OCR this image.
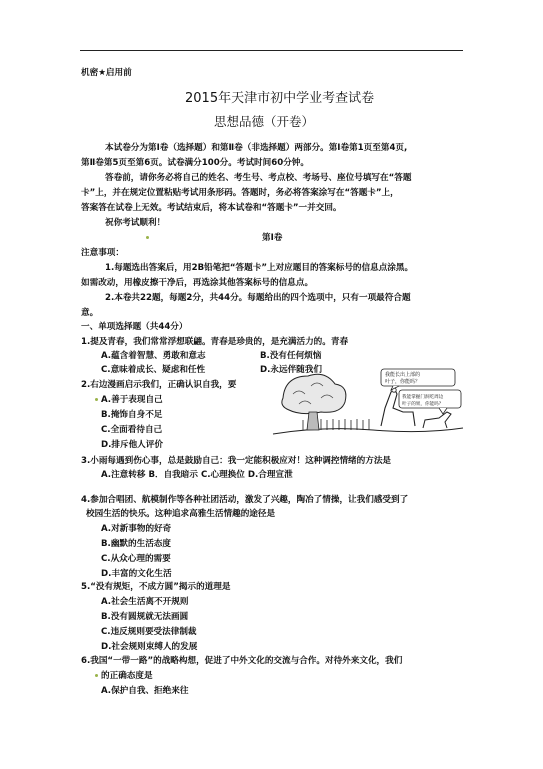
机密★启用前
2015年天津市初中学业考查试卷
思想品德（开卷）
本试卷分为第Ⅰ卷（选择题）和第Ⅱ卷（非选择题）两部分。第Ⅰ卷第1页至第4页,
第Ⅱ卷第5页至第6页。试卷满分100分。考试时间60分钟。
答卷前，请你务必将自己的姓名、考生号、考点校、考场号、座位号填写在“答题
卡”上，并在规定位置粘贴考试用条形码。答题时，务必将答案涂写在“答题卡”上，
答案答在试卷上无效。考试结束后，将本试卷和“答题卡”一并交回。
祝你考试顺利！
第Ⅰ卷
注意事项：
1.每题选出答案后，用2B铅笔把“答题卡”上对应题目的答案标号的信息点涂黑。
如需改动，用橡皮擦干净后，再选涂其他答案标号的信息点。
2.本卷共22题，每题2分，共44分。每题给出的四个选项中，只有一项最符合题
意。
一、单项选择题（共44分）
1.提及青春，我们常常浮想联翩。青春是珍贵的，是充满活力的。青春
A.蕴含着智慧、勇敢和意志	B.没有任何烦恼
C.意味着成长、疑虑和任性	D.永远伴随我们
2.右边漫画启示我们，正确认识自我，要
A.善于表现自己
B.掩饰自身不足
C.全面看待自己
D.排斥他人评价
我能长出上部的
叶子，你能吗？
我能掌握门洞吃周边
叶子的果，你能吗？
3.小雨每遇到伤心事，总是鼓励自己：我一定能积极应对！这种调控情绪的方法是
A.注意转移 B．自我暗示 C.心理换位 D.合理宣泄
4.参加合唱团、航模制作等各种社团活动，激发了兴趣，陶冶了情操，让我们感受到了
校园生活的快乐。这种追求高雅生活情趣的途径是
A.对新事物的好奇
B.幽默的生活态度
C.从众心理的需要
D.丰富的文化生活
5.“没有规矩，不成方圆”揭示的道理是
A.社会生活离不开规则
B.没有圆规就无法画圆
C.违反规则要受法律制裁
D.社会规则束缚人的发展
6.我国“一带一路”的战略构想，促进了中外文化的交流与合作。对待外来文化，我们
的正确态度是
A.保护自我、拒绝来往
